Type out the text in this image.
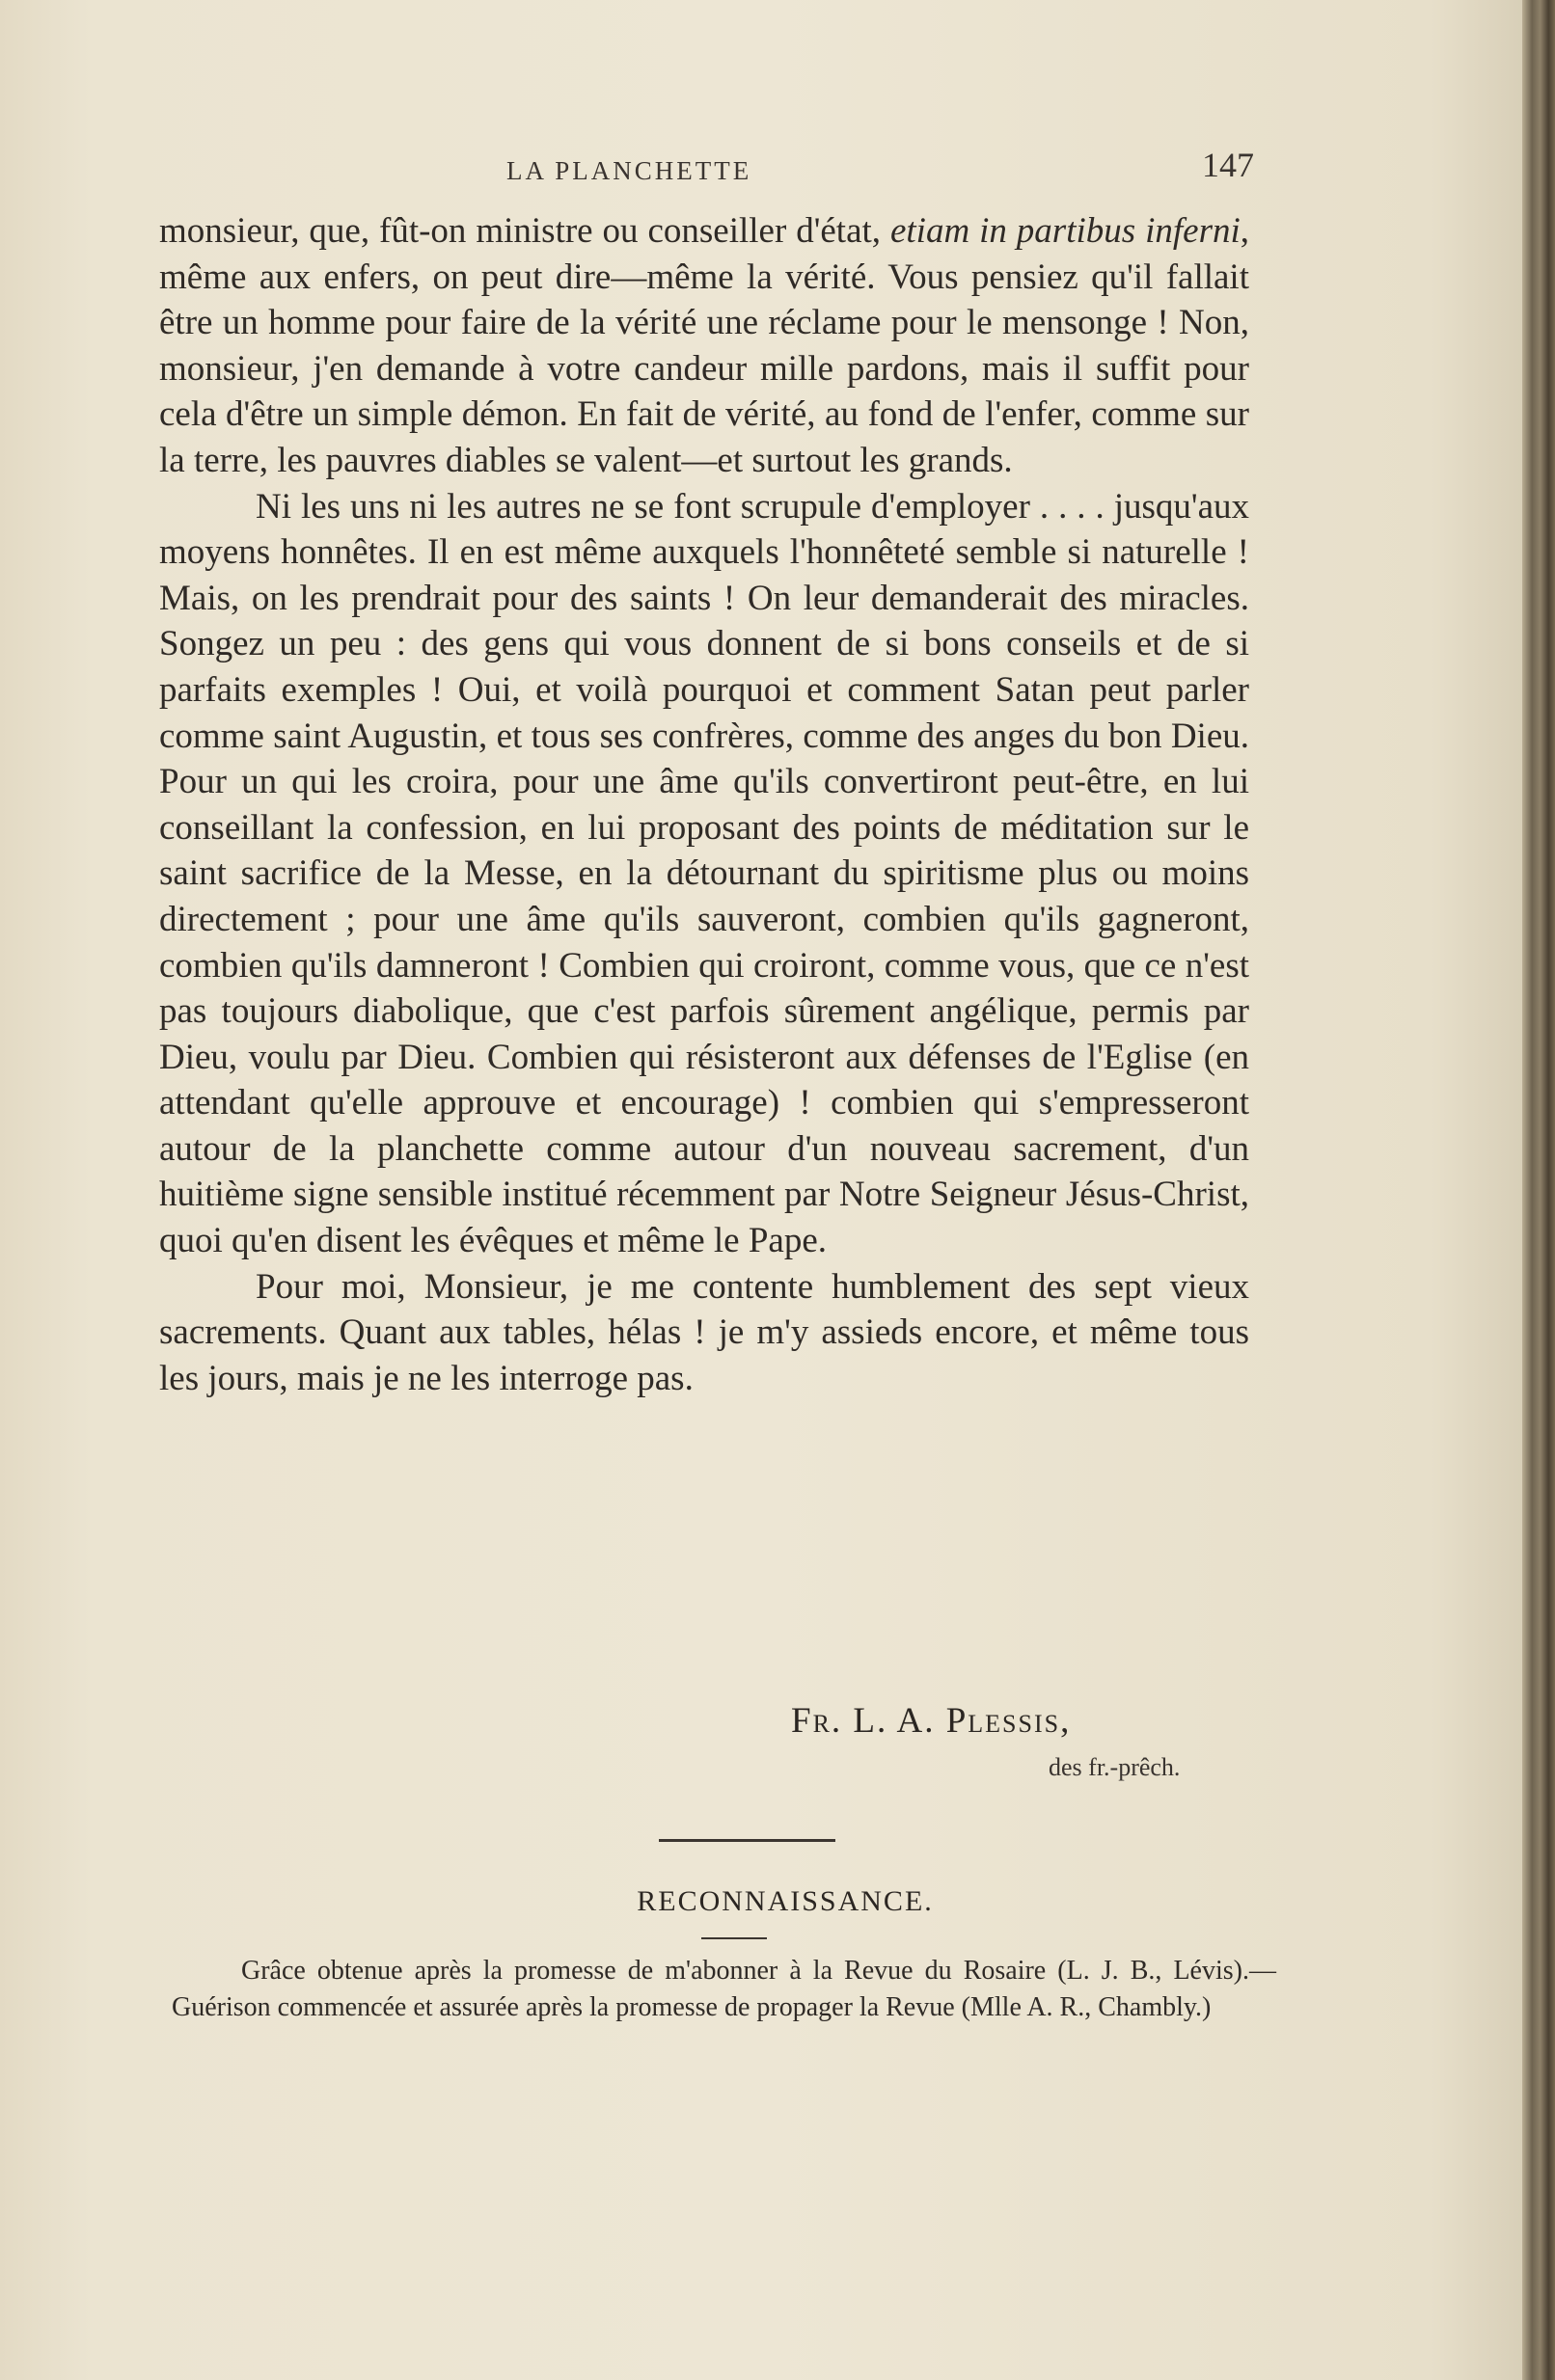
LA PLANCHETTE	147

monsieur, que, fût-on ministre ou conseiller d'état, etiam in partibus inferni, même aux enfers, on peut dire—même la vérité. Vous pensiez qu'il fallait être un homme pour faire de la vérité une réclame pour le mensonge ! Non, monsieur, j'en demande à votre candeur mille pardons, mais il suffit pour cela d'être un simple démon. En fait de vérité, au fond de l'enfer, comme sur la terre, les pauvres diables se valent—et surtout les grands.

Ni les uns ni les autres ne se font scrupule d'employer . . . . jusqu'aux moyens honnêtes. Il en est même auxquels l'honnêteté semble si naturelle ! Mais, on les prendrait pour des saints ! On leur demanderait des miracles. Songez un peu : des gens qui vous donnent de si bons conseils et de si parfaits exemples ! Oui, et voilà pourquoi et comment Satan peut parler comme saint Augustin, et tous ses confrères, comme des anges du bon Dieu. Pour un qui les croira, pour une âme qu'ils convertiront peut-être, en lui conseillant la confession, en lui proposant des points de méditation sur le saint sacrifice de la Messe, en la détournant du spiritisme plus ou moins directement ; pour une âme qu'ils sauveront, combien qu'ils gagneront, combien qu'ils damneront ! Combien qui croiront, comme vous, que ce n'est pas toujours diabolique, que c'est parfois sûrement angélique, permis par Dieu, voulu par Dieu. Combien qui résisteront aux défenses de l'Eglise (en attendant qu'elle approuve et encourage) ! combien qui s'empresseront autour de la planchette comme autour d'un nouveau sacrement, d'un huitième signe sensible institué récemment par Notre Seigneur Jésus-Christ, quoi qu'en disent les évêques et même le Pape.

Pour moi, Monsieur, je me contente humblement des sept vieux sacrements. Quant aux tables, hélas ! je m'y assieds encore, et même tous les jours, mais je ne les interroge pas.

Fr. L. A. Plessis,
des fr.-prêch.
RECONNAISSANCE.

Grâce obtenue après la promesse de m'abonner à la Revue du Rosaire (L. J. B., Lévis).—Guérison commencée et assurée après la promesse de propager la Revue (Mlle A. R., Chambly.)
